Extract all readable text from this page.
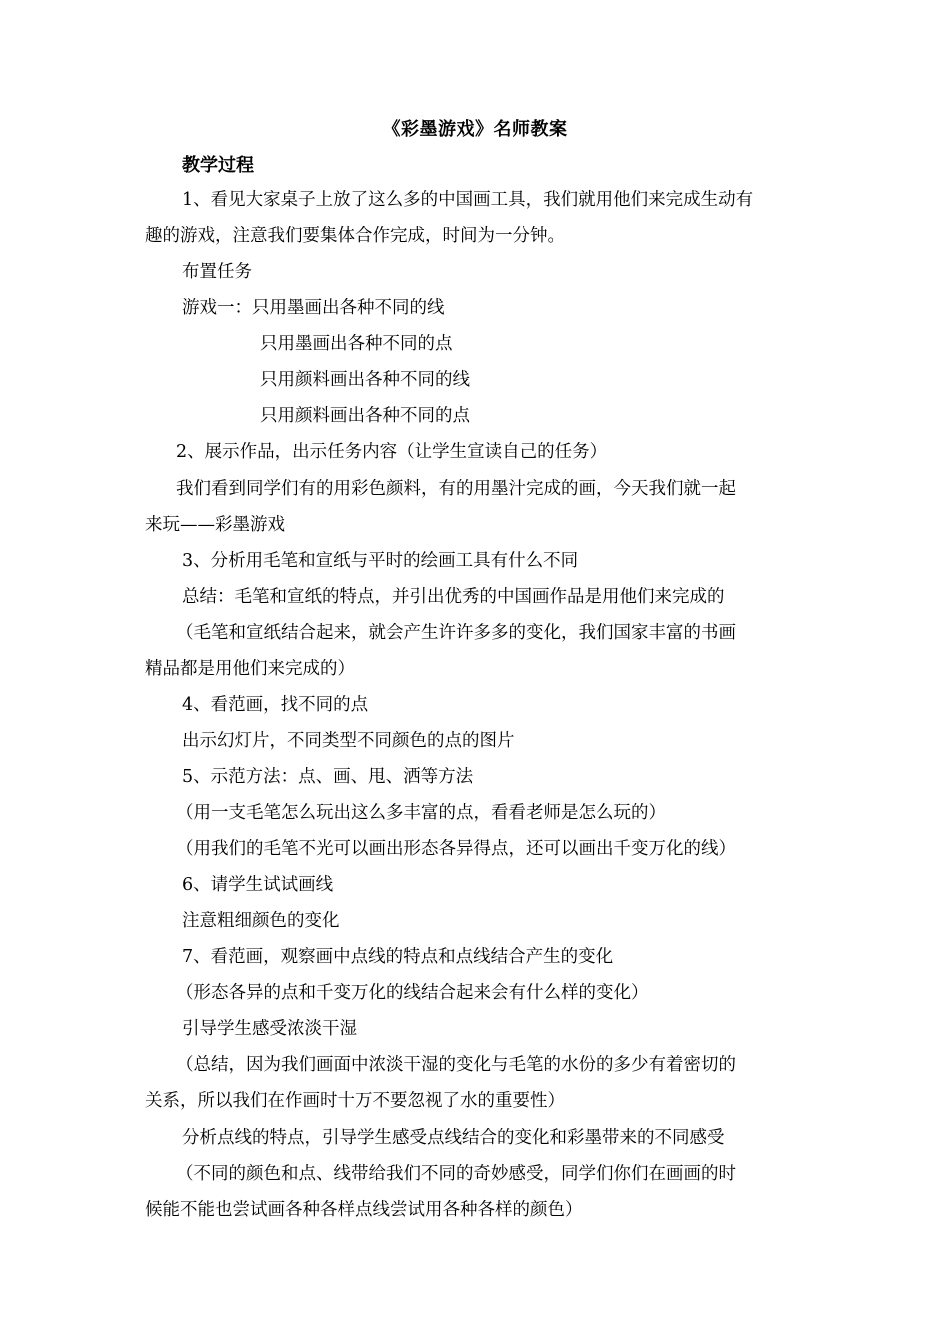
《彩墨游戏》名师教案
教学过程
1、看见大家桌子上放了这么多的中国画工具，我们就用他们来完成生动有
趣的游戏，注意我们要集体合作完成，时间为一分钟。
布置任务
游戏一：只用墨画出各种不同的线
只用墨画出各种不同的点
只用颜料画出各种不同的线
只用颜料画出各种不同的点
2、展示作品，出示任务内容（让学生宣读自己的任务）
我们看到同学们有的用彩色颜料，有的用墨汁完成的画，今天我们就一起
来玩——彩墨游戏
3、分析用毛笔和宣纸与平时的绘画工具有什么不同
总结：毛笔和宣纸的特点，并引出优秀的中国画作品是用他们来完成的
（毛笔和宣纸结合起来，就会产生许许多多的变化，我们国家丰富的书画
精品都是用他们来完成的）
4、看范画，找不同的点
出示幻灯片，不同类型不同颜色的点的图片
5、示范方法：点、画、甩、洒等方法
（用一支毛笔怎么玩出这么多丰富的点，看看老师是怎么玩的）
（用我们的毛笔不光可以画出形态各异得点，还可以画出千变万化的线）
6、请学生试试画线
注意粗细颜色的变化
7、看范画，观察画中点线的特点和点线结合产生的变化
（形态各异的点和千变万化的线结合起来会有什么样的变化）
引导学生感受浓淡干湿
（总结，因为我们画面中浓淡干湿的变化与毛笔的水份的多少有着密切的
关系，所以我们在作画时十万不要忽视了水的重要性）
分析点线的特点，引导学生感受点线结合的变化和彩墨带来的不同感受
（不同的颜色和点、线带给我们不同的奇妙感受，同学们你们在画画的时
候能不能也尝试画各种各样点线尝试用各种各样的颜色）
